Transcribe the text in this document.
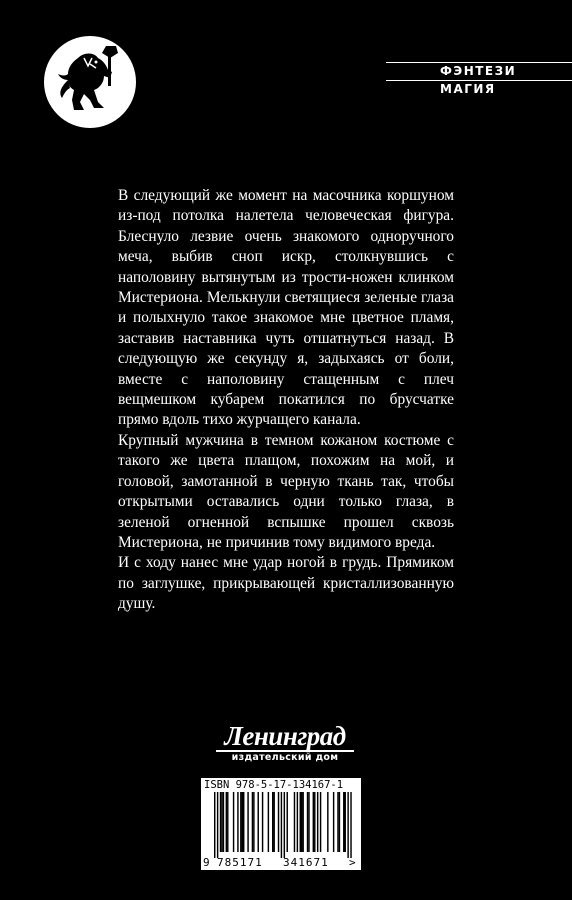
ФЭНТЕЗИ
МАГИЯ

В следующий же момент на масочника коршуном из-под потолка налетела человеческая фигура. Блеснуло лезвие очень знакомого одноручного меча, выбив сноп искр, столкнувшись с наполовину вытянутым из трости-ножен клинком Мистериона. Мелькнули светящиеся зеленые глаза и полыхнуло такое знакомое мне цветное пламя, заставив наставника чуть отшатнуться назад. В следующую же секунду я, задыхаясь от боли, вместе с наполовину стащенным с плеч вещмешком кубарем покатился по брусчатке прямо вдоль тихо журчащего канала.

Крупный мужчина в темном кожаном костюме с такого же цвета плащом, похожим на мой, и головой, замотанной в черную ткань так, чтобы открытыми оставались одни только глаза, в зеленой огненной вспышке прошел сквозь Мистериона, не причинив тому видимого вреда.

И с ходу нанес мне удар ногой в грудь. Прямиком по заглушке, прикрывающей кристаллизованную душу.

Ленинград
издательский дом
ISBN 978-5-17-134167-1
9 785171 341671 >
